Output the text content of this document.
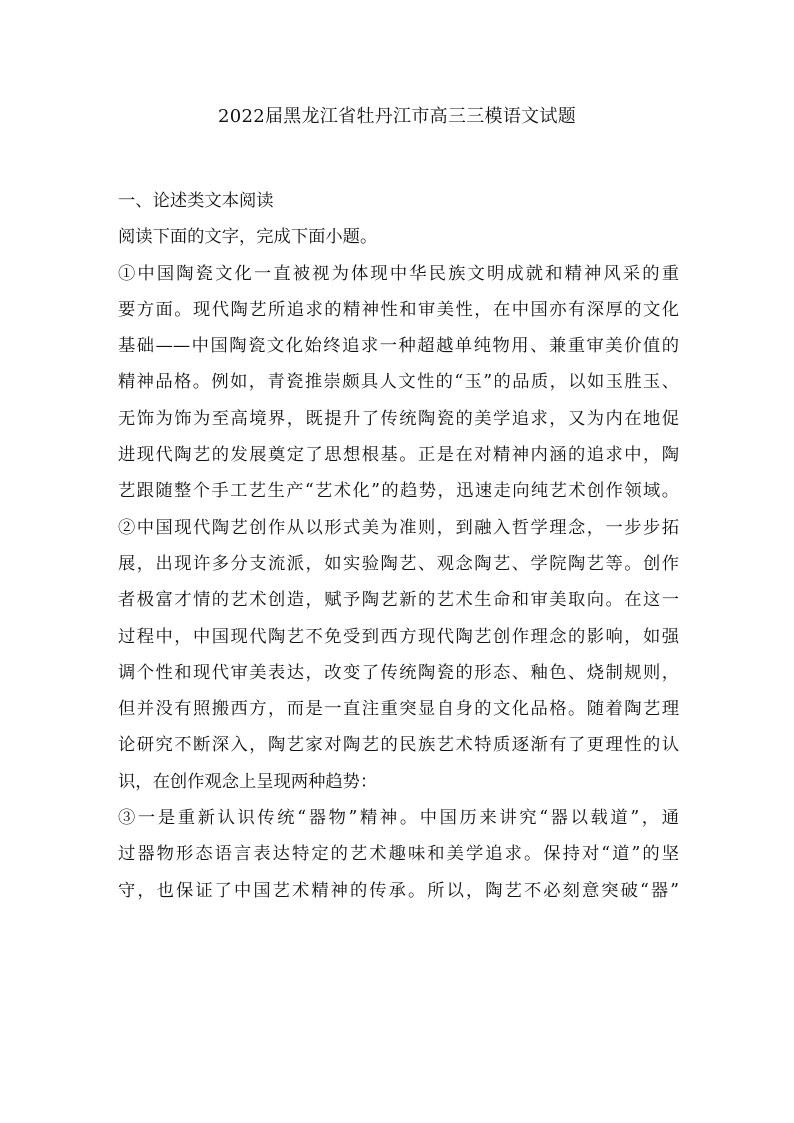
2022届黑龙江省牡丹江市高三三模语文试题
一、论述类文本阅读
阅读下面的文字，完成下面小题。
①中国陶瓷文化一直被视为体现中华民族文明成就和精神风采的重
要方面。现代陶艺所追求的精神性和审美性，在中国亦有深厚的文化
基础——中国陶瓷文化始终追求一种超越单纯物用、兼重审美价值的
精神品格。例如，青瓷推崇颇具人文性的“玉”的品质，以如玉胜玉、
无饰为饰为至高境界，既提升了传统陶瓷的美学追求，又为内在地促
进现代陶艺的发展奠定了思想根基。正是在对精神内涵的追求中，陶
艺跟随整个手工艺生产“艺术化”的趋势，迅速走向纯艺术创作领域。
②中国现代陶艺创作从以形式美为准则，到融入哲学理念，一步步拓
展，出现许多分支流派，如实验陶艺、观念陶艺、学院陶艺等。创作
者极富才情的艺术创造，赋予陶艺新的艺术生命和审美取向。在这一
过程中，中国现代陶艺不免受到西方现代陶艺创作理念的影响，如强
调个性和现代审美表达，改变了传统陶瓷的形态、釉色、烧制规则，
但并没有照搬西方，而是一直注重突显自身的文化品格。随着陶艺理
论研究不断深入，陶艺家对陶艺的民族艺术特质逐渐有了更理性的认
识，在创作观念上呈现两种趋势：
③一是重新认识传统“器物”精神。中国历来讲究“器以载道”，通
过器物形态语言表达特定的艺术趣味和美学追求。保持对“道”的坚
守，也保证了中国艺术精神的传承。所以，陶艺不必刻意突破“器”
